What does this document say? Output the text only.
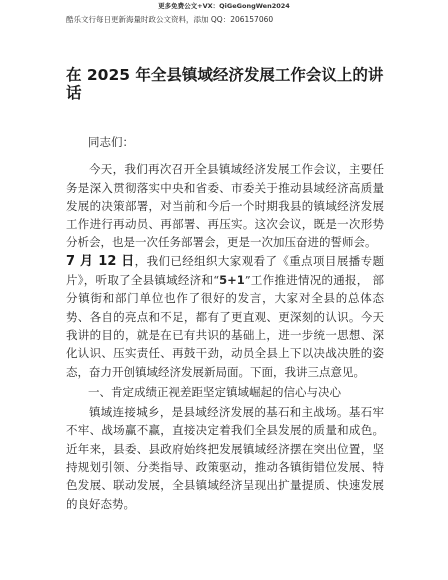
更多免费公文+VX：QiGeGongWen2024
酷乐文行每日更新海量时政公文资料，添加 QQ：206157060
在 2025 年全县镇域经济发展工作会议上的讲话

同志们：

今天，我们再次召开全县镇域经济发展工作会议，主要任务是深入贯彻落实中央和省委、市委关于推动县域经济高质量发展的决策部署，对当前和今后一个时期我县的镇域经济发展工作进行再动员、再部署、再压实。这次会议，既是一次形势分析会，也是一次任务部署会，更是一次加压奋进的誓师会。

7 月 12 日，我们已经组织大家观看了《重点项目展播专题 片》，听取了全县镇域经济和“5+1”工作推进情况的通报， 部分镇街和部门单位也作了很好的发言，大家对全县的总体态 势、各自的亮点和不足，都有了更直观、更深刻的认识。今天 我讲的目的，就是在已有共识的基础上，进一步统一思想、深 化认识、压实责任、再鼓干劲，动员全县上下以决战决胜的姿 态，奋力开创镇域经济发展新局面。下面，我讲三点意见。

一、肯定成绩正视差距坚定镇域崛起的信心与决心

镇域连接城乡，是县域经济发展的基石和主战场。基石牢不牢、战场赢不赢，直接决定着我们全县发展的质量和成色。近年来，县委、县政府始终把发展镇域经济摆在突出位置，坚持规划引领、分类指导、政策驱动，推动各镇街错位发展、特色发展、联动发展，全县镇域经济呈现出扩量提质、快速发展的良好态势。
